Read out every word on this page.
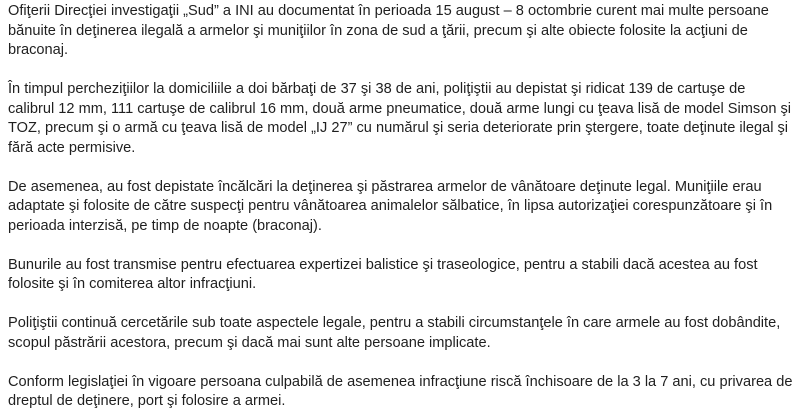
Ofiţerii Direcţiei investigaţii „Sud” a INI au documentat în perioada 15 august – 8 octombrie curent mai multe persoane bănuite în deţinerea ilegală a armelor şi muniţiilor în zona de sud a ţării, precum şi alte obiecte folosite la acţiuni de braconaj.

În timpul percheziţiilor la domiciliile a doi bărbaţi de 37 şi 38 de ani, poliţiştii au depistat şi ridicat 139 de cartuşe de calibrul 12 mm, 111 cartuşe de calibrul 16 mm, două arme pneumatice, două arme lungi cu ţeava lisă de model Simson şi TOZ, precum şi o armă cu ţeava lisă de model „IJ 27” cu numărul şi seria deteriorate prin ştergere, toate deţinute ilegal şi fără acte permisive.

De asemenea, au fost depistate încălcări la deţinerea şi păstrarea armelor de vânătoare deţinute legal. Muniţiile erau adaptate şi folosite de către suspecţi pentru vânătoarea animalelor sălbatice, în lipsa autorizaţiei corespunzătoare şi în perioada interzisă, pe timp de noapte (braconaj).

Bunurile au fost transmise pentru efectuarea expertizei balistice şi traseologice, pentru a stabili dacă acestea au fost folosite şi în comiterea altor infracţiuni.

Poliţiştii continuă cercetările sub toate aspectele legale, pentru a stabili circumstanţele în care armele au fost dobândite, scopul păstrării acestora, precum şi dacă mai sunt alte persoane implicate.

Conform legislaţiei în vigoare persoana culpabilă de asemenea infracţiune riscă închisoare de la 3 la 7 ani, cu privarea de dreptul de deţinere, port şi folosire a armei.
